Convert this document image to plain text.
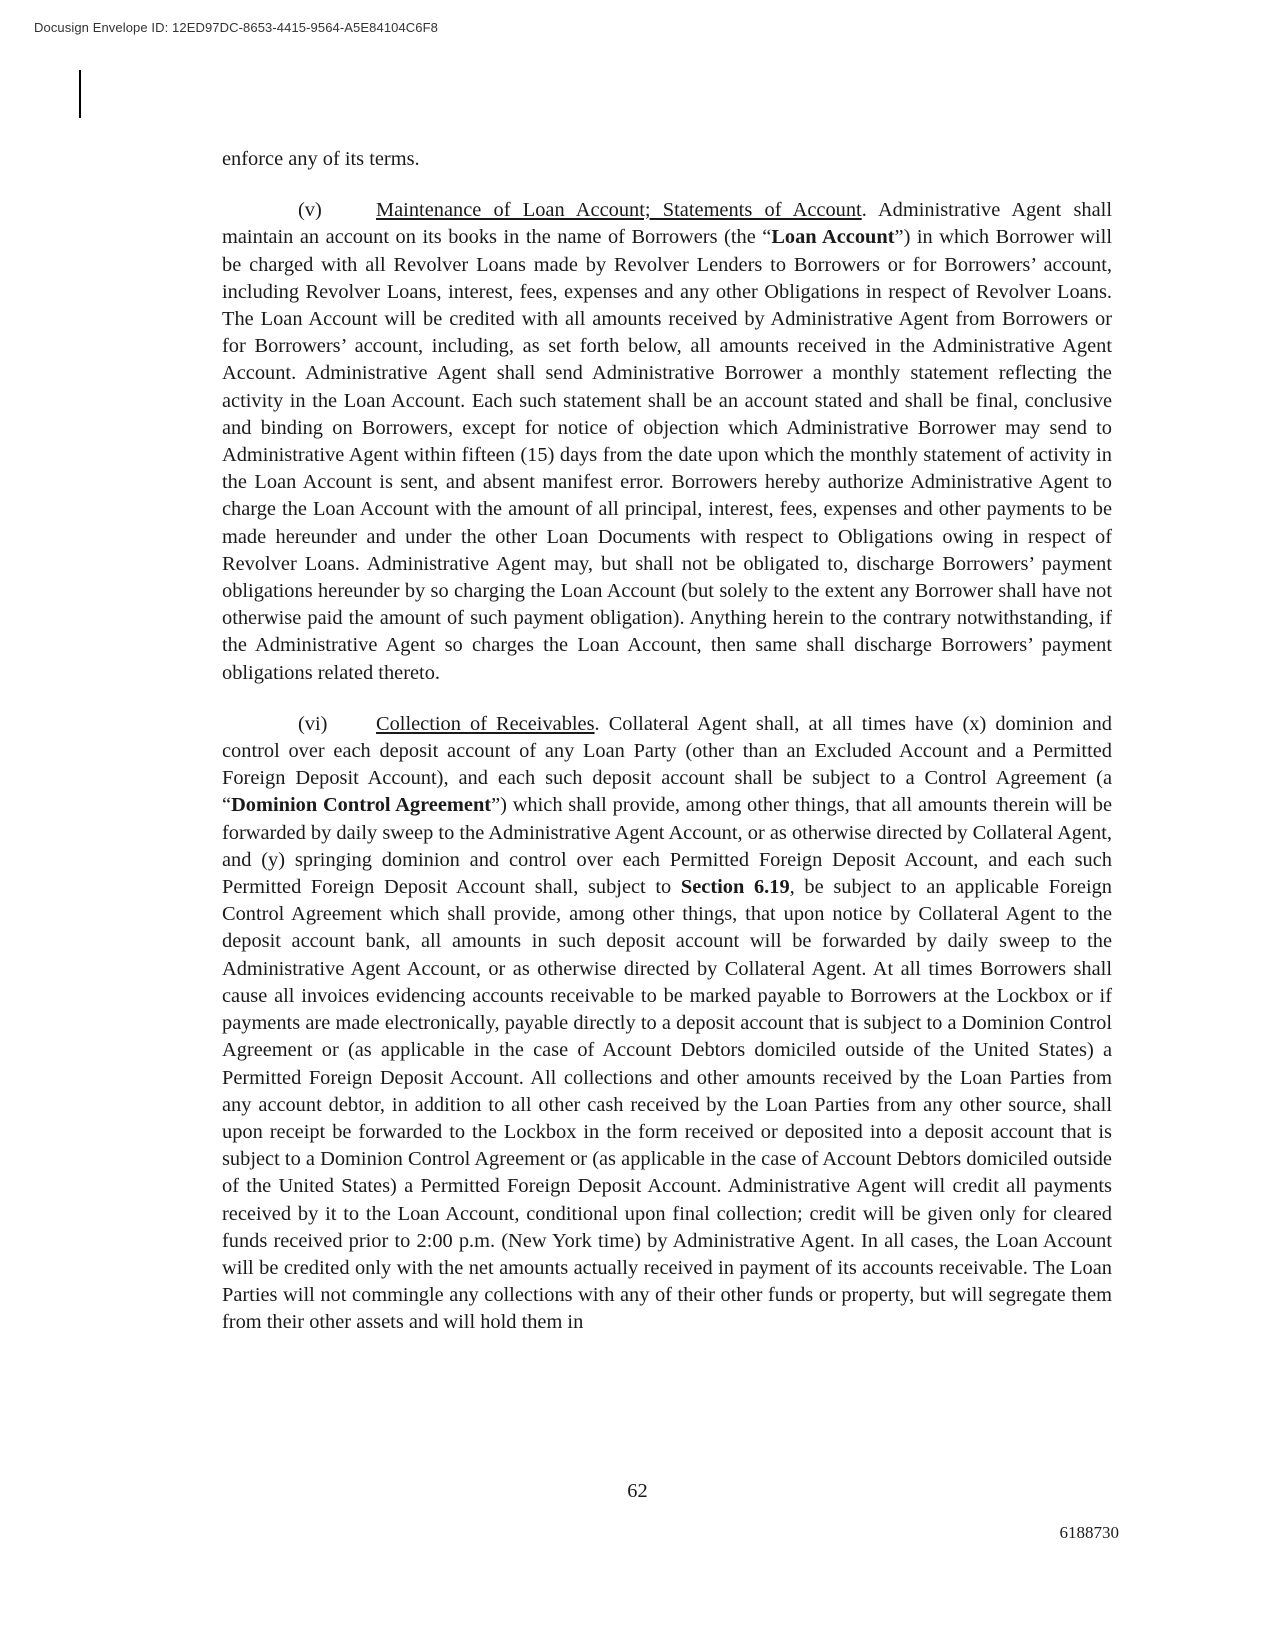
Docusign Envelope ID: 12ED97DC-8653-4415-9564-A5E84104C6F8

enforce any of its terms.

(v)	Maintenance of Loan Account; Statements of Account. Administrative Agent shall maintain an account on its books in the name of Borrowers (the “Loan Account”) in which Borrower will be charged with all Revolver Loans made by Revolver Lenders to Borrowers or for Borrowers’ account, including Revolver Loans, interest, fees, expenses and any other Obligations in respect of Revolver Loans. The Loan Account will be credited with all amounts received by Administrative Agent from Borrowers or for Borrowers’ account, including, as set forth below, all amounts received in the Administrative Agent Account. Administrative Agent shall send Administrative Borrower a monthly statement reflecting the activity in the Loan Account. Each such statement shall be an account stated and shall be final, conclusive and binding on Borrowers, except for notice of objection which Administrative Borrower may send to Administrative Agent within fifteen (15) days from the date upon which the monthly statement of activity in the Loan Account is sent, and absent manifest error. Borrowers hereby authorize Administrative Agent to charge the Loan Account with the amount of all principal, interest, fees, expenses and other payments to be made hereunder and under the other Loan Documents with respect to Obligations owing in respect of Revolver Loans. Administrative Agent may, but shall not be obligated to, discharge Borrowers’ payment obligations hereunder by so charging the Loan Account (but solely to the extent any Borrower shall have not otherwise paid the amount of such payment obligation). Anything herein to the contrary notwithstanding, if the Administrative Agent so charges the Loan Account, then same shall discharge Borrowers’ payment obligations related thereto.

(vi) Collection of Receivables. Collateral Agent shall, at all times have (x) dominion and control over each deposit account of any Loan Party (other than an Excluded Account and a Permitted Foreign Deposit Account), and each such deposit account shall be subject to a Control Agreement (a “Dominion Control Agreement”) which shall provide, among other things, that all amounts therein will be forwarded by daily sweep to the Administrative Agent Account, or as otherwise directed by Collateral Agent, and (y) springing dominion and control over each Permitted Foreign Deposit Account, and each such Permitted Foreign Deposit Account shall, subject to Section 6.19, be subject to an applicable Foreign Control Agreement which shall provide, among other things, that upon notice by Collateral Agent to the deposit account bank, all amounts in such deposit account will be forwarded by daily sweep to the Administrative Agent Account, or as otherwise directed by Collateral Agent. At all times Borrowers shall cause all invoices evidencing accounts receivable to be marked payable to Borrowers at the Lockbox or if payments are made electronically, payable directly to a deposit account that is subject to a Dominion Control Agreement or (as applicable in the case of Account Debtors domiciled outside of the United States) a Permitted Foreign Deposit Account. All collections and other amounts received by the Loan Parties from any account debtor, in addition to all other cash received by the Loan Parties from any other source, shall upon receipt be forwarded to the Lockbox in the form received or deposited into a deposit account that is subject to a Dominion Control Agreement or (as applicable in the case of Account Debtors domiciled outside of the United States) a Permitted Foreign Deposit Account. Administrative Agent will credit all payments received by it to the Loan Account, conditional upon final collection; credit will be given only for cleared funds received prior to 2:00 p.m. (New York time) by Administrative Agent. In all cases, the Loan Account will be credited only with the net amounts actually received in payment of its accounts receivable. The Loan Parties will not commingle any collections with any of their other funds or property, but will segregate them from their other assets and will hold them in

62
6188730
